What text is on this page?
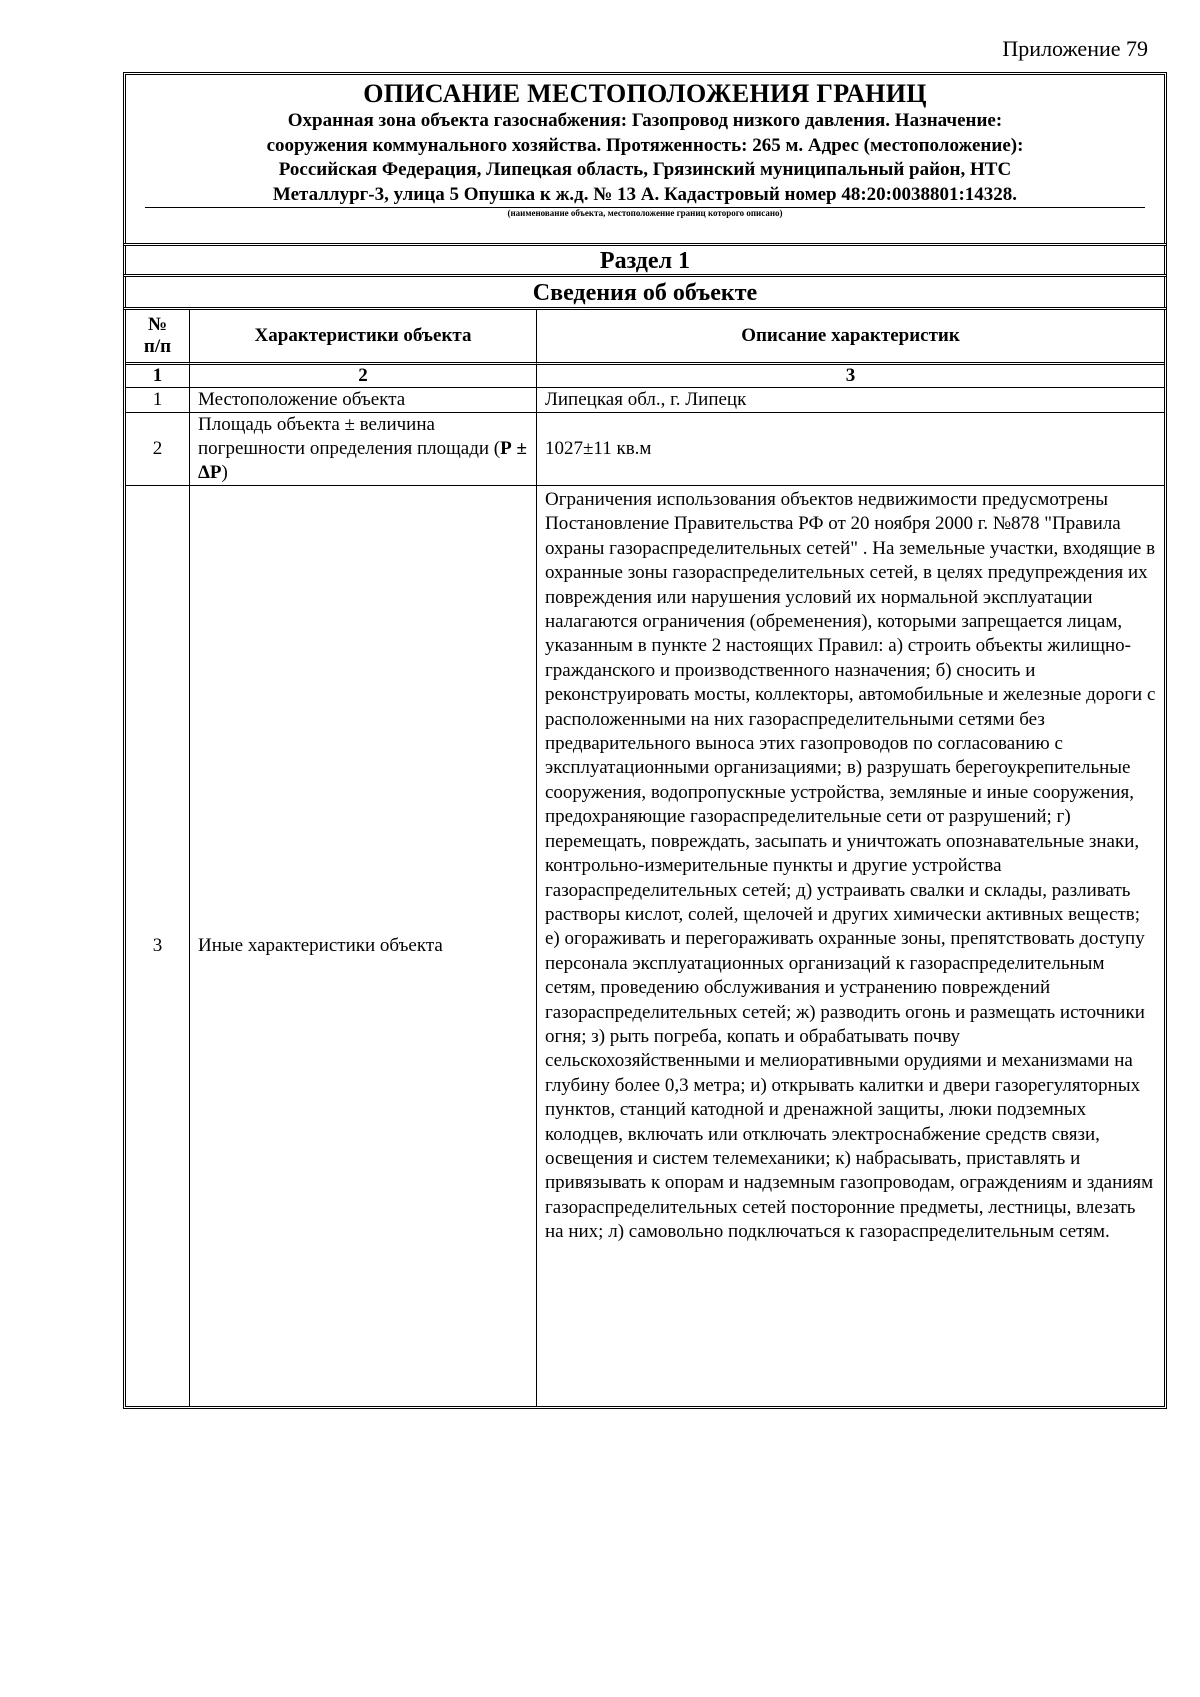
Приложение 79
ОПИСАНИЕ МЕСТОПОЛОЖЕНИЯ ГРАНИЦ
Охранная зона объекта газоснабжения: Газопровод низкого давления. Назначение:
сооружения коммунального хозяйства. Протяженность: 265 м. Адрес (местоположение):
Российская Федерация, Липецкая область, Грязинский муниципальный район, НТС
Металлург-3, улица 5 Опушка к ж.д. № 13 А. Кадастровый номер 48:20:0038801:14328.
(наименование объекта, местоположение границ которого описано)
Раздел 1
Сведения об объекте
№
п/п	Характеристики объекта	Описание характеристик
1	2	3
1	Местоположение объекта	Липецкая обл., г. Липецк
2	Площадь объекта ± величина погрешности определения площади (Р ± ΔР)	1027±11 кв.м
3	Иные характеристики объекта	Ограничения использования объектов недвижимости предусмотрены Постановление Правительства РФ от 20 ноября 2000 г. №878 "Правила охраны газораспределительных сетей" . На земельные участки, входящие в охранные зоны газораспределительных сетей, в целях предупреждения их повреждения или нарушения условий их нормальной эксплуатации налагаются ограничения (обременения), которыми запрещается лицам, указанным в пункте 2 настоящих Правил: а) строить объекты жилищно-гражданского и производственного назначения; б) сносить и реконструировать мосты, коллекторы, автомобильные и железные дороги с расположенными на них газораспределительными сетями без предварительного выноса этих газопроводов по согласованию с эксплуатационными организациями; в) разрушать берегоукрепительные сооружения, водопропускные устройства, земляные и иные сооружения, предохраняющие газораспределительные сети от разрушений; г) перемещать, повреждать, засыпать и уничтожать опознавательные знаки, контрольно-измерительные пункты и другие устройства газораспределительных сетей; д) устраивать свалки и склады, разливать растворы кислот, солей, щелочей и других химически активных веществ; е) огораживать и перегораживать охранные зоны, препятствовать доступу персонала эксплуатационных организаций к газораспределительным сетям, проведению обслуживания и устранению повреждений газораспределительных сетей; ж) разводить огонь и размещать источники огня; з) рыть погреба, копать и обрабатывать почву сельскохозяйственными и мелиоративными орудиями и механизмами на глубину более 0,3 метра; и) открывать калитки и двери газорегуляторных пунктов, станций катодной и дренажной защиты, люки подземных колодцев, включать или отключать электроснабжение средств связи, освещения и систем телемеханики; к) набрасывать, приставлять и привязывать к опорам и надземным газопроводам, ограждениям и зданиям газораспределительных сетей посторонние предметы, лестницы, влезать на них; л) самовольно подключаться к газораспределительным сетям.
